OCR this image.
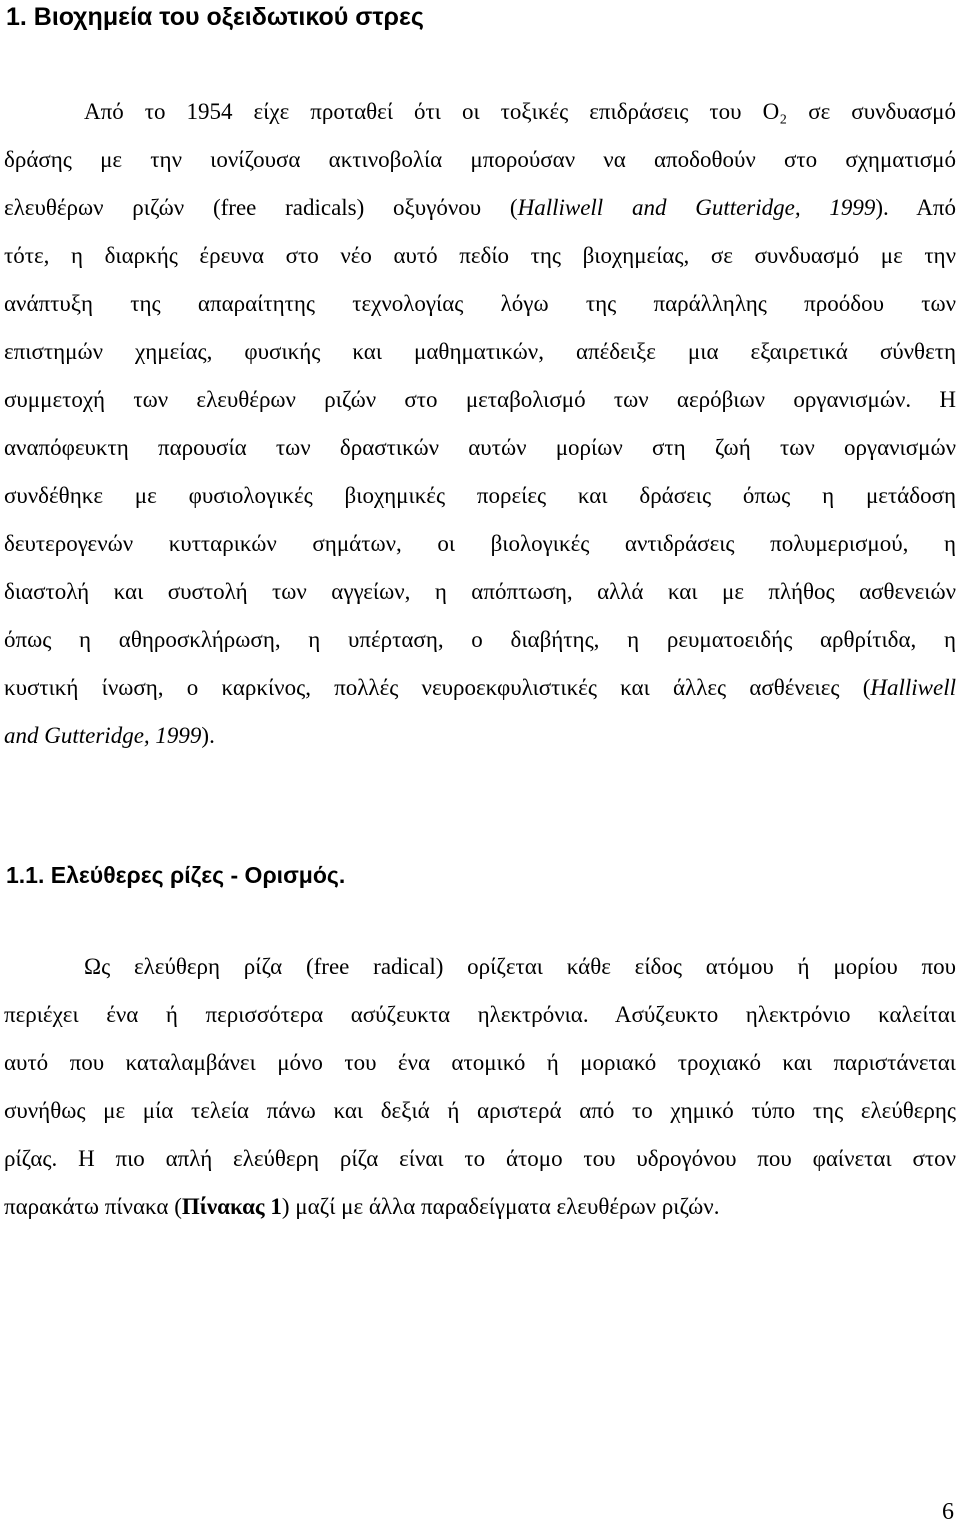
1. Βιοχημεία του οξειδωτικού στρες
Από το 1954 είχε προταθεί ότι οι τοξικές επιδράσεις του O₂ σε συνδυασμό
δράσης με την ιονίζουσα ακτινοβολία μπορούσαν να αποδοθούν στο σχηματισμό
ελευθέρων ριζών (free radicals) οξυγόνου (Halliwell and Gutteridge, 1999). Από
τότε, η διαρκής έρευνα στο νέο αυτό πεδίο της βιοχημείας, σε συνδυασμό με την
ανάπτυξη της απαραίτητης τεχνολογίας λόγω της παράλληλης προόδου των
επιστημών χημείας, φυσικής και μαθηματικών, απέδειξε μια εξαιρετικά σύνθετη
συμμετοχή των ελευθέρων ριζών στο μεταβολισμό των αερόβιων οργανισμών. Η
αναπόφευκτη παρουσία των δραστικών αυτών μορίων στη ζωή των οργανισμών
συνδέθηκε με φυσιολογικές βιοχημικές πορείες και δράσεις όπως η μετάδοση
δευτερογενών κυτταρικών σημάτων, οι βιολογικές αντιδράσεις πολυμερισμού, η
διαστολή και συστολή των αγγείων, η απόπτωση, αλλά και με πλήθος ασθενειών
όπως η αθηροσκλήρωση, η υπέρταση, ο διαβήτης, η ρευματοειδής αρθρίτιδα, η
κυστική ίνωση, ο καρκίνος, πολλές νευροεκφυλιστικές και άλλες ασθένειες (Halliwell
and Gutteridge, 1999).
1.1. Ελεύθερες ρίζες - Ορισμός.
Ως ελεύθερη ρίζα (free radical) ορίζεται κάθε είδος ατόμου ή μορίου που
περιέχει ένα ή περισσότερα ασύζευκτα ηλεκτρόνια. Ασύζευκτο ηλεκτρόνιο καλείται
αυτό που καταλαμβάνει μόνο του ένα ατομικό ή μοριακό τροχιακό και παριστάνεται
συνήθως με μία τελεία πάνω και δεξιά ή αριστερά από το χημικό τύπο της ελεύθερης
ρίζας. Η πιο απλή ελεύθερη ρίζα είναι το άτομο του υδρογόνου που φαίνεται στον
παρακάτω πίνακα (Πίνακας 1) μαζί με άλλα παραδείγματα ελευθέρων ριζών.
6
